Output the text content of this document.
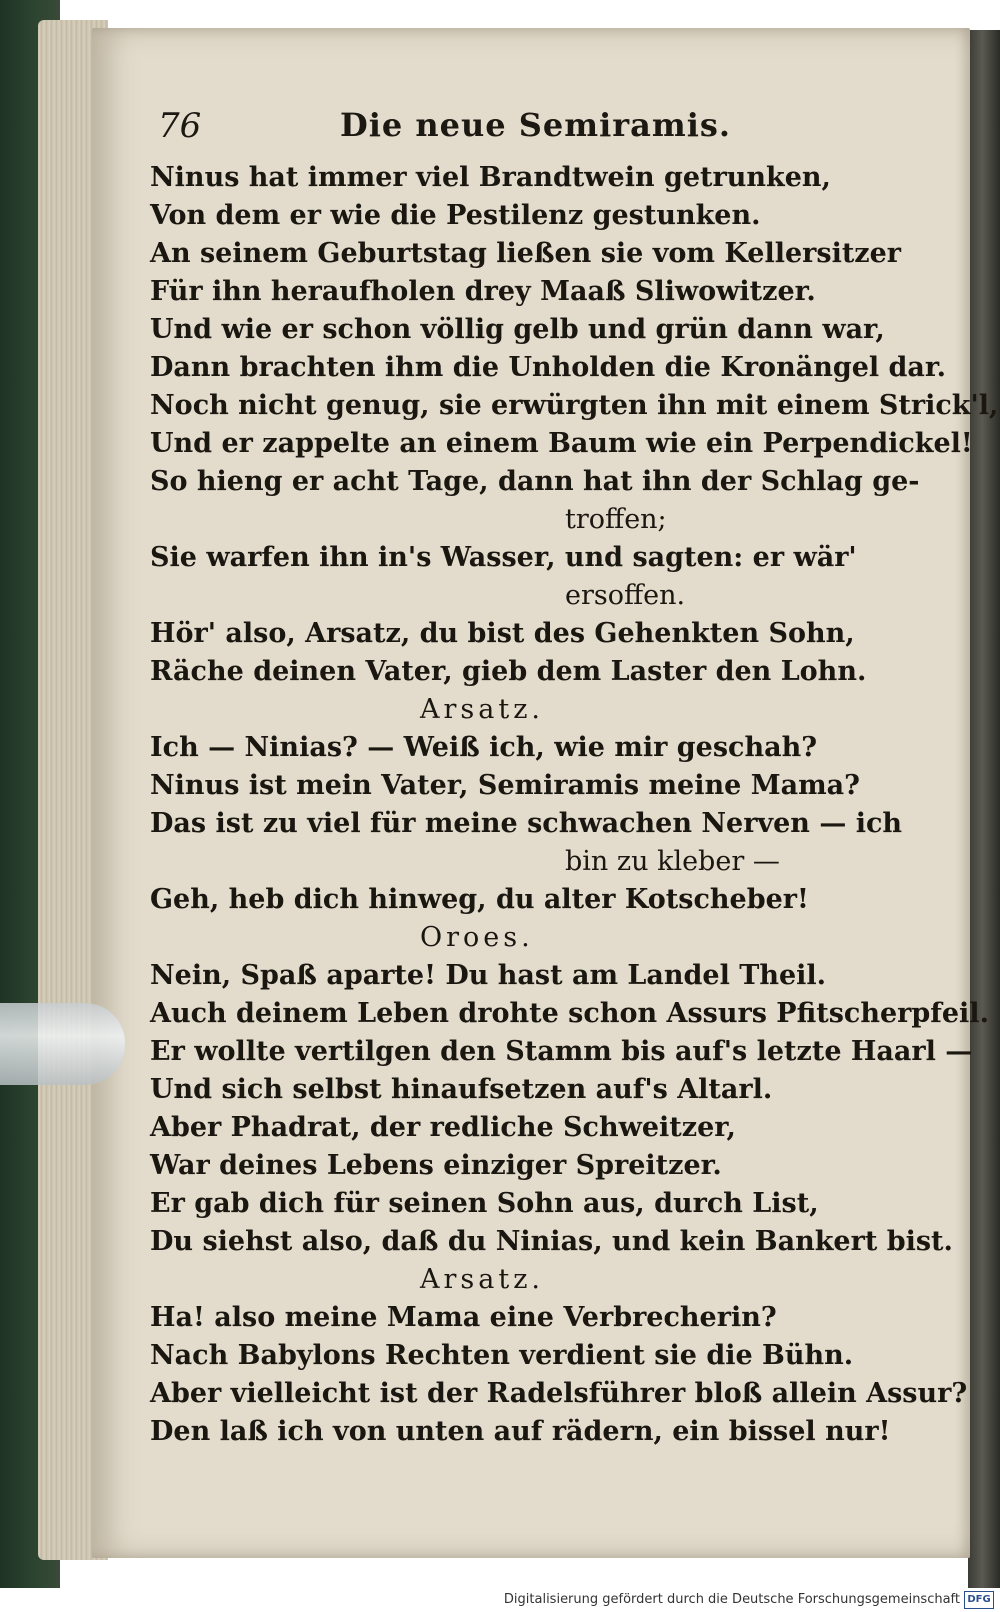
76	Die neue Semiramis.
Ninus hat immer viel Brandtwein getrunken,
Von dem er wie die Pestilenz gestunken.
An seinem Geburtstag ließen sie vom Kellersitzer
Für ihn heraufholen drey Maaß Sliwowitzer.
Und wie er schon völlig gelb und grün dann war,
Dann brachten ihm die Unholden die Kronängel dar.
Noch nicht genug, sie erwürgten ihn mit einem Strick'l,
Und er zappelte an einem Baum wie ein Perpendickel!
So hieng er acht Tage, dann hat ihn der Schlag ge-
troffen;
Sie warfen ihn in's Wasser, und sagten: er wär'
ersoffen.
Hör' also, Arsatz, du bist des Gehenkten Sohn,
Räche deinen Vater, gieb dem Laster den Lohn.
Arsatz.
Ich — Ninias? — Weiß ich, wie mir geschah?
Ninus ist mein Vater, Semiramis meine Mama?
Das ist zu viel für meine schwachen Nerven — ich
bin zu kleber —
Geh, heb dich hinweg, du alter Kotscheber!
Oroes.
Nein, Spaß aparte! Du hast am Landel Theil.
Auch deinem Leben drohte schon Assurs Pfitscherpfeil.
Er wollte vertilgen den Stamm bis auf's letzte Haarl —
Und sich selbst hinaufsetzen auf's Altarl.
Aber Phadrat, der redliche Schweitzer,
War deines Lebens einziger Spreitzer.
Er gab dich für seinen Sohn aus, durch List,
Du siehst also, daß du Ninias, und kein Bankert bist.
Arsatz.
Ha! also meine Mama eine Verbrecherin?
Nach Babylons Rechten verdient sie die Bühn.
Aber vielleicht ist der Radelsführer bloß allein Assur?
Den laß ich von unten auf rädern, ein bissel nur!
Digitalisierung gefördert durch die Deutsche Forschungsgemeinschaft DFG
